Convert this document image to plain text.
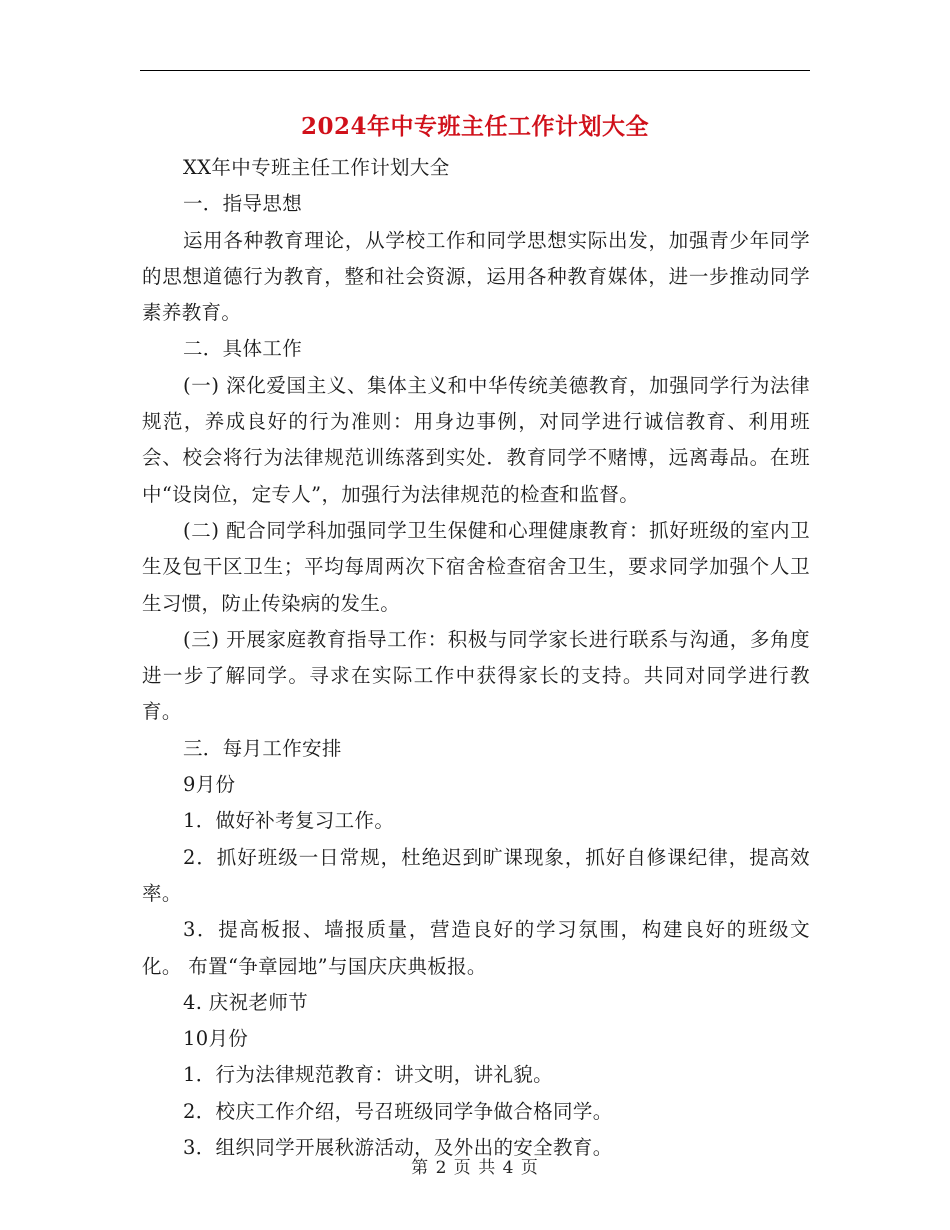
2024年中专班主任工作计划大全

XX年中专班主任工作计划大全

一．指导思想

运用各种教育理论，从学校工作和同学思想实际出发，加强青少年同学的思想道德行为教育，整和社会资源，运用各种教育媒体，进一步推动同学素养教育。

二．具体工作

(一) 深化爱国主义、集体主义和中华传统美德教育，加强同学行为法律规范，养成良好的行为准则：用身边事例，对同学进行诚信教育、利用班会、校会将行为法律规范训练落到实处．教育同学不赌博，远离毒品。在班中“设岗位，定专人”，加强行为法律规范的检查和监督。

(二) 配合同学科加强同学卫生保健和心理健康教育：抓好班级的室内卫生及包干区卫生；平均每周两次下宿舍检查宿舍卫生，要求同学加强个人卫生习惯，防止传染病的发生。

(三) 开展家庭教育指导工作：积极与同学家长进行联系与沟通，多角度进一步了解同学。寻求在实际工作中获得家长的支持。共同对同学进行教育。

三．每月工作安排

9月份

1．做好补考复习工作。

2．抓好班级一日常规，杜绝迟到旷课现象，抓好自修课纪律，提高效率。

3．提高板报、墙报质量，营造良好的学习氛围，构建良好的班级文化。 布置“争章园地”与国庆庆典板报。

4. 庆祝老师节

10月份

1．行为法律规范教育：讲文明，讲礼貌。

2．校庆工作介绍，号召班级同学争做合格同学。

3．组织同学开展秋游活动，及外出的安全教育。

第 2 页 共 4 页
